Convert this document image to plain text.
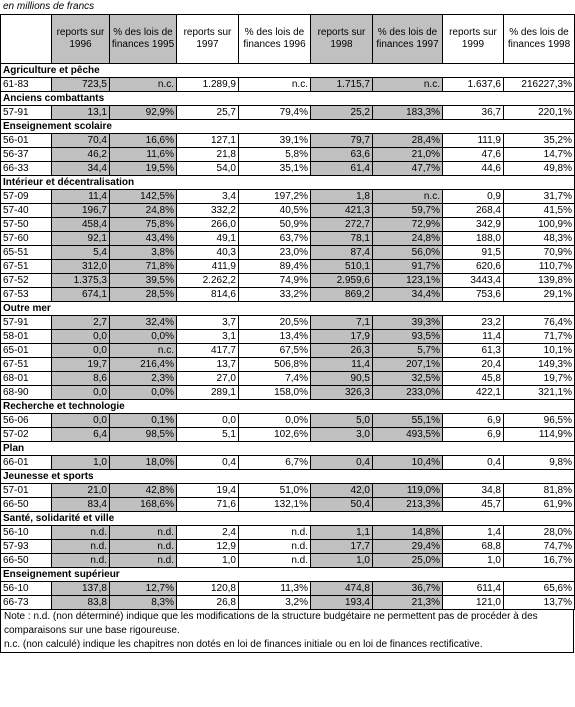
en millions de francs
	reports sur 1996	% des lois de finances 1995	reports sur 1997	% des lois de finances 1996	reports sur 1998	% des lois de finances 1997	reports sur 1999	% des lois de finances 1998
Agriculture et pêche								
61-83	723,5	n.c.	1.289,9	n.c.	1.715,7	n.c.	1.637,6	216227,3%
Anciens combattants								
57-91	13,1	92,9%	25,7	79,4%	25,2	183,3%	36,7	220,1%
Enseignement scolaire								
56-01	70,4	16,6%	127,1	39,1%	79,7	28,4%	111,9	35,2%
56-37	46,2	11,6%	21,8	5,8%	63,6	21,0%	47,6	14,7%
66-33	34,4	19,5%	54,0	35,1%	61,4	47,7%	44,6	49,8%
Intérieur et décentralisation								
57-09	11,4	142,5%	3,4	197,2%	1,8	n.c.	0,9	31,7%
57-40	196,7	24,8%	332,2	40,5%	421,3	59,7%	268,4	41,5%
57-50	458,4	75,8%	266,0	50,9%	272,7	72,9%	342,9	100,9%
57-60	92,1	43,4%	49,1	63,7%	78,1	24,8%	188,0	48,3%
65-51	5,4	3,8%	40,3	23,0%	87,4	56,0%	91,5	70,9%
67-51	312,0	71,8%	411,9	89,4%	510,1	91,7%	620,6	110,7%
67-52	1.375,3	39,5%	2.262,2	74,9%	2.959,6	123,1%	3443,4	139,8%
67-53	674,1	28,5%	814,6	33,2%	869,2	34,4%	753,6	29,1%
Outre mer								
57-91	2,7	32,4%	3,7	20,5%	7,1	39,3%	23,2	76,4%
58-01	0,0	0,0%	3,1	13,4%	17,9	93,5%	11,4	71,7%
65-01	0,0	n.c.	417,7	67,5%	26,3	5,7%	61,3	10,1%
67-51	19,7	216,4%	13,7	506,8%	11,4	207,1%	20,4	149,3%
68-01	8,6	2,3%	27,0	7,4%	90,5	32,5%	45,8	19,7%
68-90	0,0	0,0%	289,1	158,0%	326,3	233,0%	422,1	321,1%
Recherche et technologie								
56-06	0,0	0,1%	0,0	0,0%	5,0	55,1%	6,9	96,5%
57-02	6,4	98,5%	5,1	102,6%	3,0	493,5%	6,9	114,9%
Plan								
66-01	1,0	18,0%	0,4	6,7%	0,4	10,4%	0,4	9,8%
Jeunesse et sports								
57-01	21,0	42,8%	19,4	51,0%	42,0	119,0%	34,8	81,8%
66-50	83,4	168,6%	71,6	132,1%	50,4	213,3%	45,7	61,9%
Santé, solidarité et ville								
56-10	n.d.	n.d.	2,4	n.d.	1,1	14,8%	1,4	28,0%
57-93	n.d.	n.d.	12,9	n.d.	17,7	29,4%	68,8	74,7%
66-50	n.d.	n.d.	1,0	n.d.	1,0	25,0%	1,0	16,7%
Enseignement supérieur								
56-10	137,8	12,7%	120,8	11,3%	474,8	36,7%	611,4	65,6%
66-73	83,8	8,3%	26,8	3,2%	193,4	21,3%	121,0	13,7%
Note : n.d. (non déterminé) indique que les modifications de la structure budgétaire ne permettent pas de procéder à des comparaisons sur une base rigoureuse.
n.c. (non calculé) indique les chapitres non dotés en loi de finances initiale ou en loi de finances rectificative.
